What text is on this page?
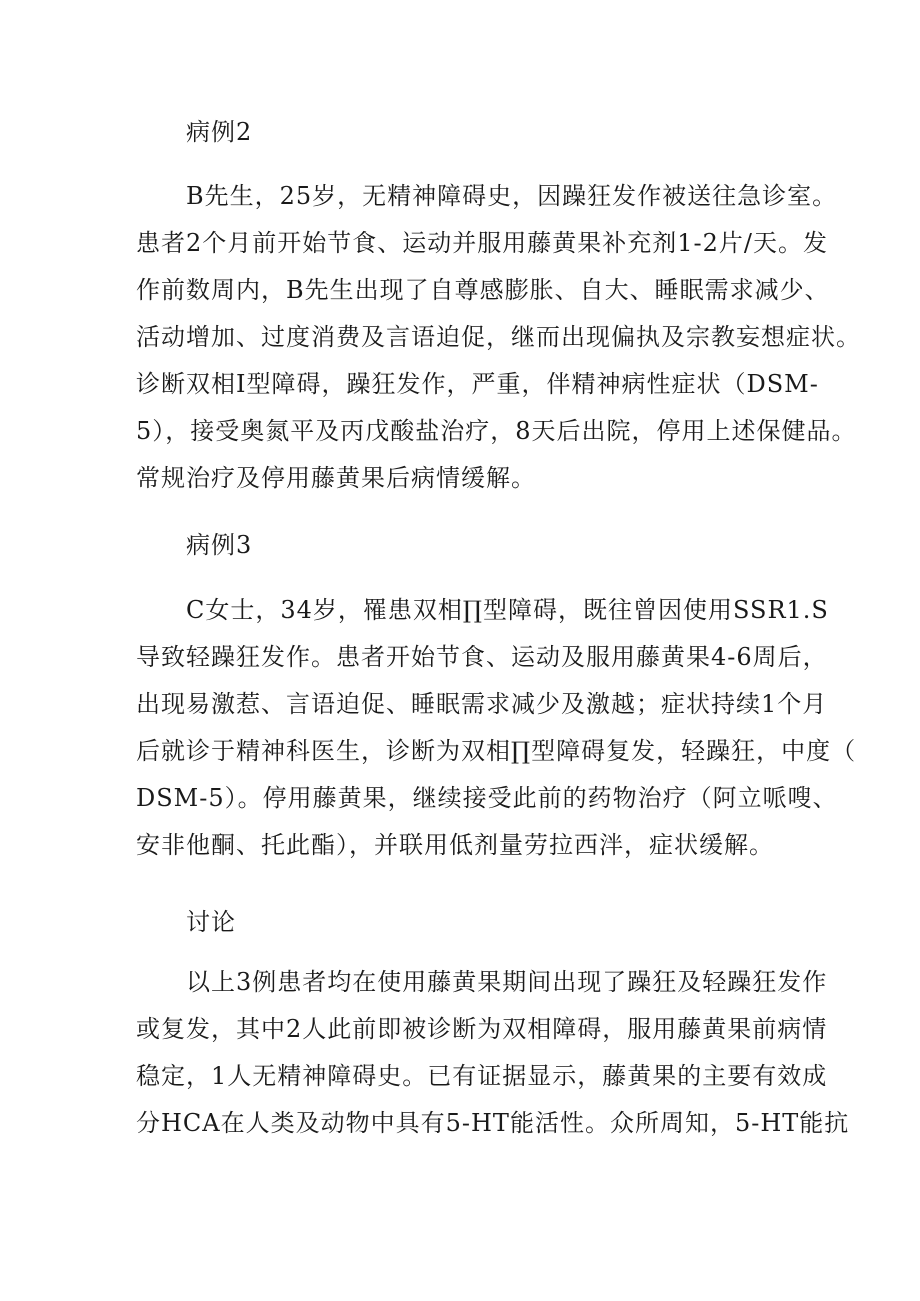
病例2
B先生，25岁，无精神障碍史，因躁狂发作被送往急诊室。
患者2个月前开始节食、运动并服用藤黄果补充剂1-2片/天。发
作前数周内，B先生出现了自尊感膨胀、自大、睡眠需求减少、
活动增加、过度消费及言语迫促，继而出现偏执及宗教妄想症状。
诊断双相Ⅰ型障碍，躁狂发作，严重，伴精神病性症状（DSM-
5），接受奥氮平及丙戊酸盐治疗，8天后出院，停用上述保健品。
常规治疗及停用藤黄果后病情缓解。
病例3
C女士，34岁，罹患双相∏型障碍，既往曾因使用SSR1.S
导致轻躁狂发作。患者开始节食、运动及服用藤黄果4-6周后，
出现易激惹、言语迫促、睡眠需求减少及激越；症状持续1个月
后就诊于精神科医生，诊断为双相∏型障碍复发，轻躁狂，中度（
DSM-5）。停用藤黄果，继续接受此前的药物治疗（阿立哌嗖、
安非他酮、托此酯），并联用低剂量劳拉西泮，症状缓解。
讨论
以上3例患者均在使用藤黄果期间出现了躁狂及轻躁狂发作
或复发，其中2人此前即被诊断为双相障碍，服用藤黄果前病情
稳定，1人无精神障碍史。已有证据显示，藤黄果的主要有效成
分HCA在人类及动物中具有5-HT能活性。众所周知，5-HT能抗
